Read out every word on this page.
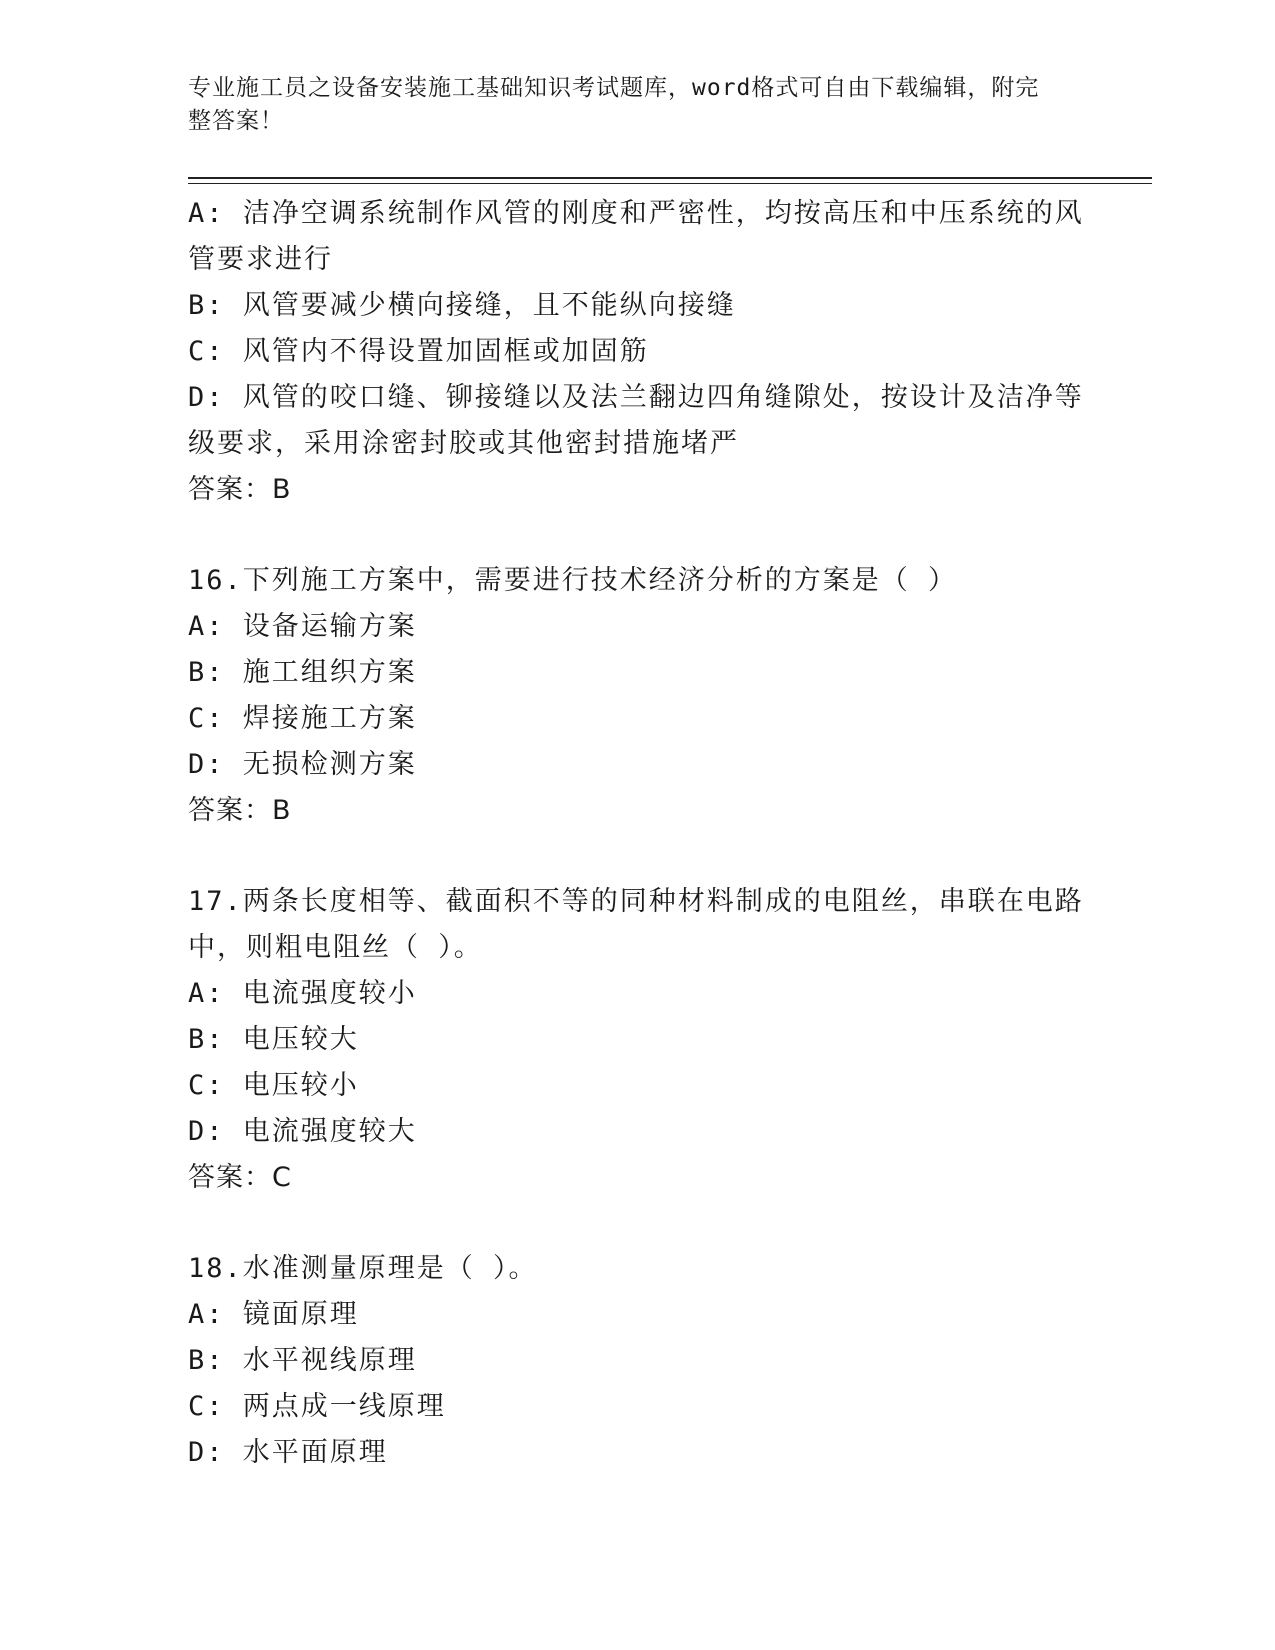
专业施工员之设备安装施工基础知识考试题库，word格式可自由下载编辑，附完
整答案！
A: 洁净空调系统制作风管的刚度和严密性，均按高压和中压系统的风
管要求进行
B: 风管要减少横向接缝，且不能纵向接缝
C: 风管内不得设置加固框或加固筋
D: 风管的咬口缝、铆接缝以及法兰翻边四角缝隙处，按设计及洁净等
级要求，采用涂密封胶或其他密封措施堵严
答案：B
16.下列施工方案中，需要进行技术经济分析的方案是（ ）
A: 设备运输方案
B: 施工组织方案
C: 焊接施工方案
D: 无损检测方案
答案：B
17.两条长度相等、截面积不等的同种材料制成的电阻丝，串联在电路
中，则粗电阻丝（ ）。
A: 电流强度较小
B: 电压较大
C: 电压较小
D: 电流强度较大
答案：C
18.水准测量原理是（ ）。
A: 镜面原理
B: 水平视线原理
C: 两点成一线原理
D: 水平面原理
